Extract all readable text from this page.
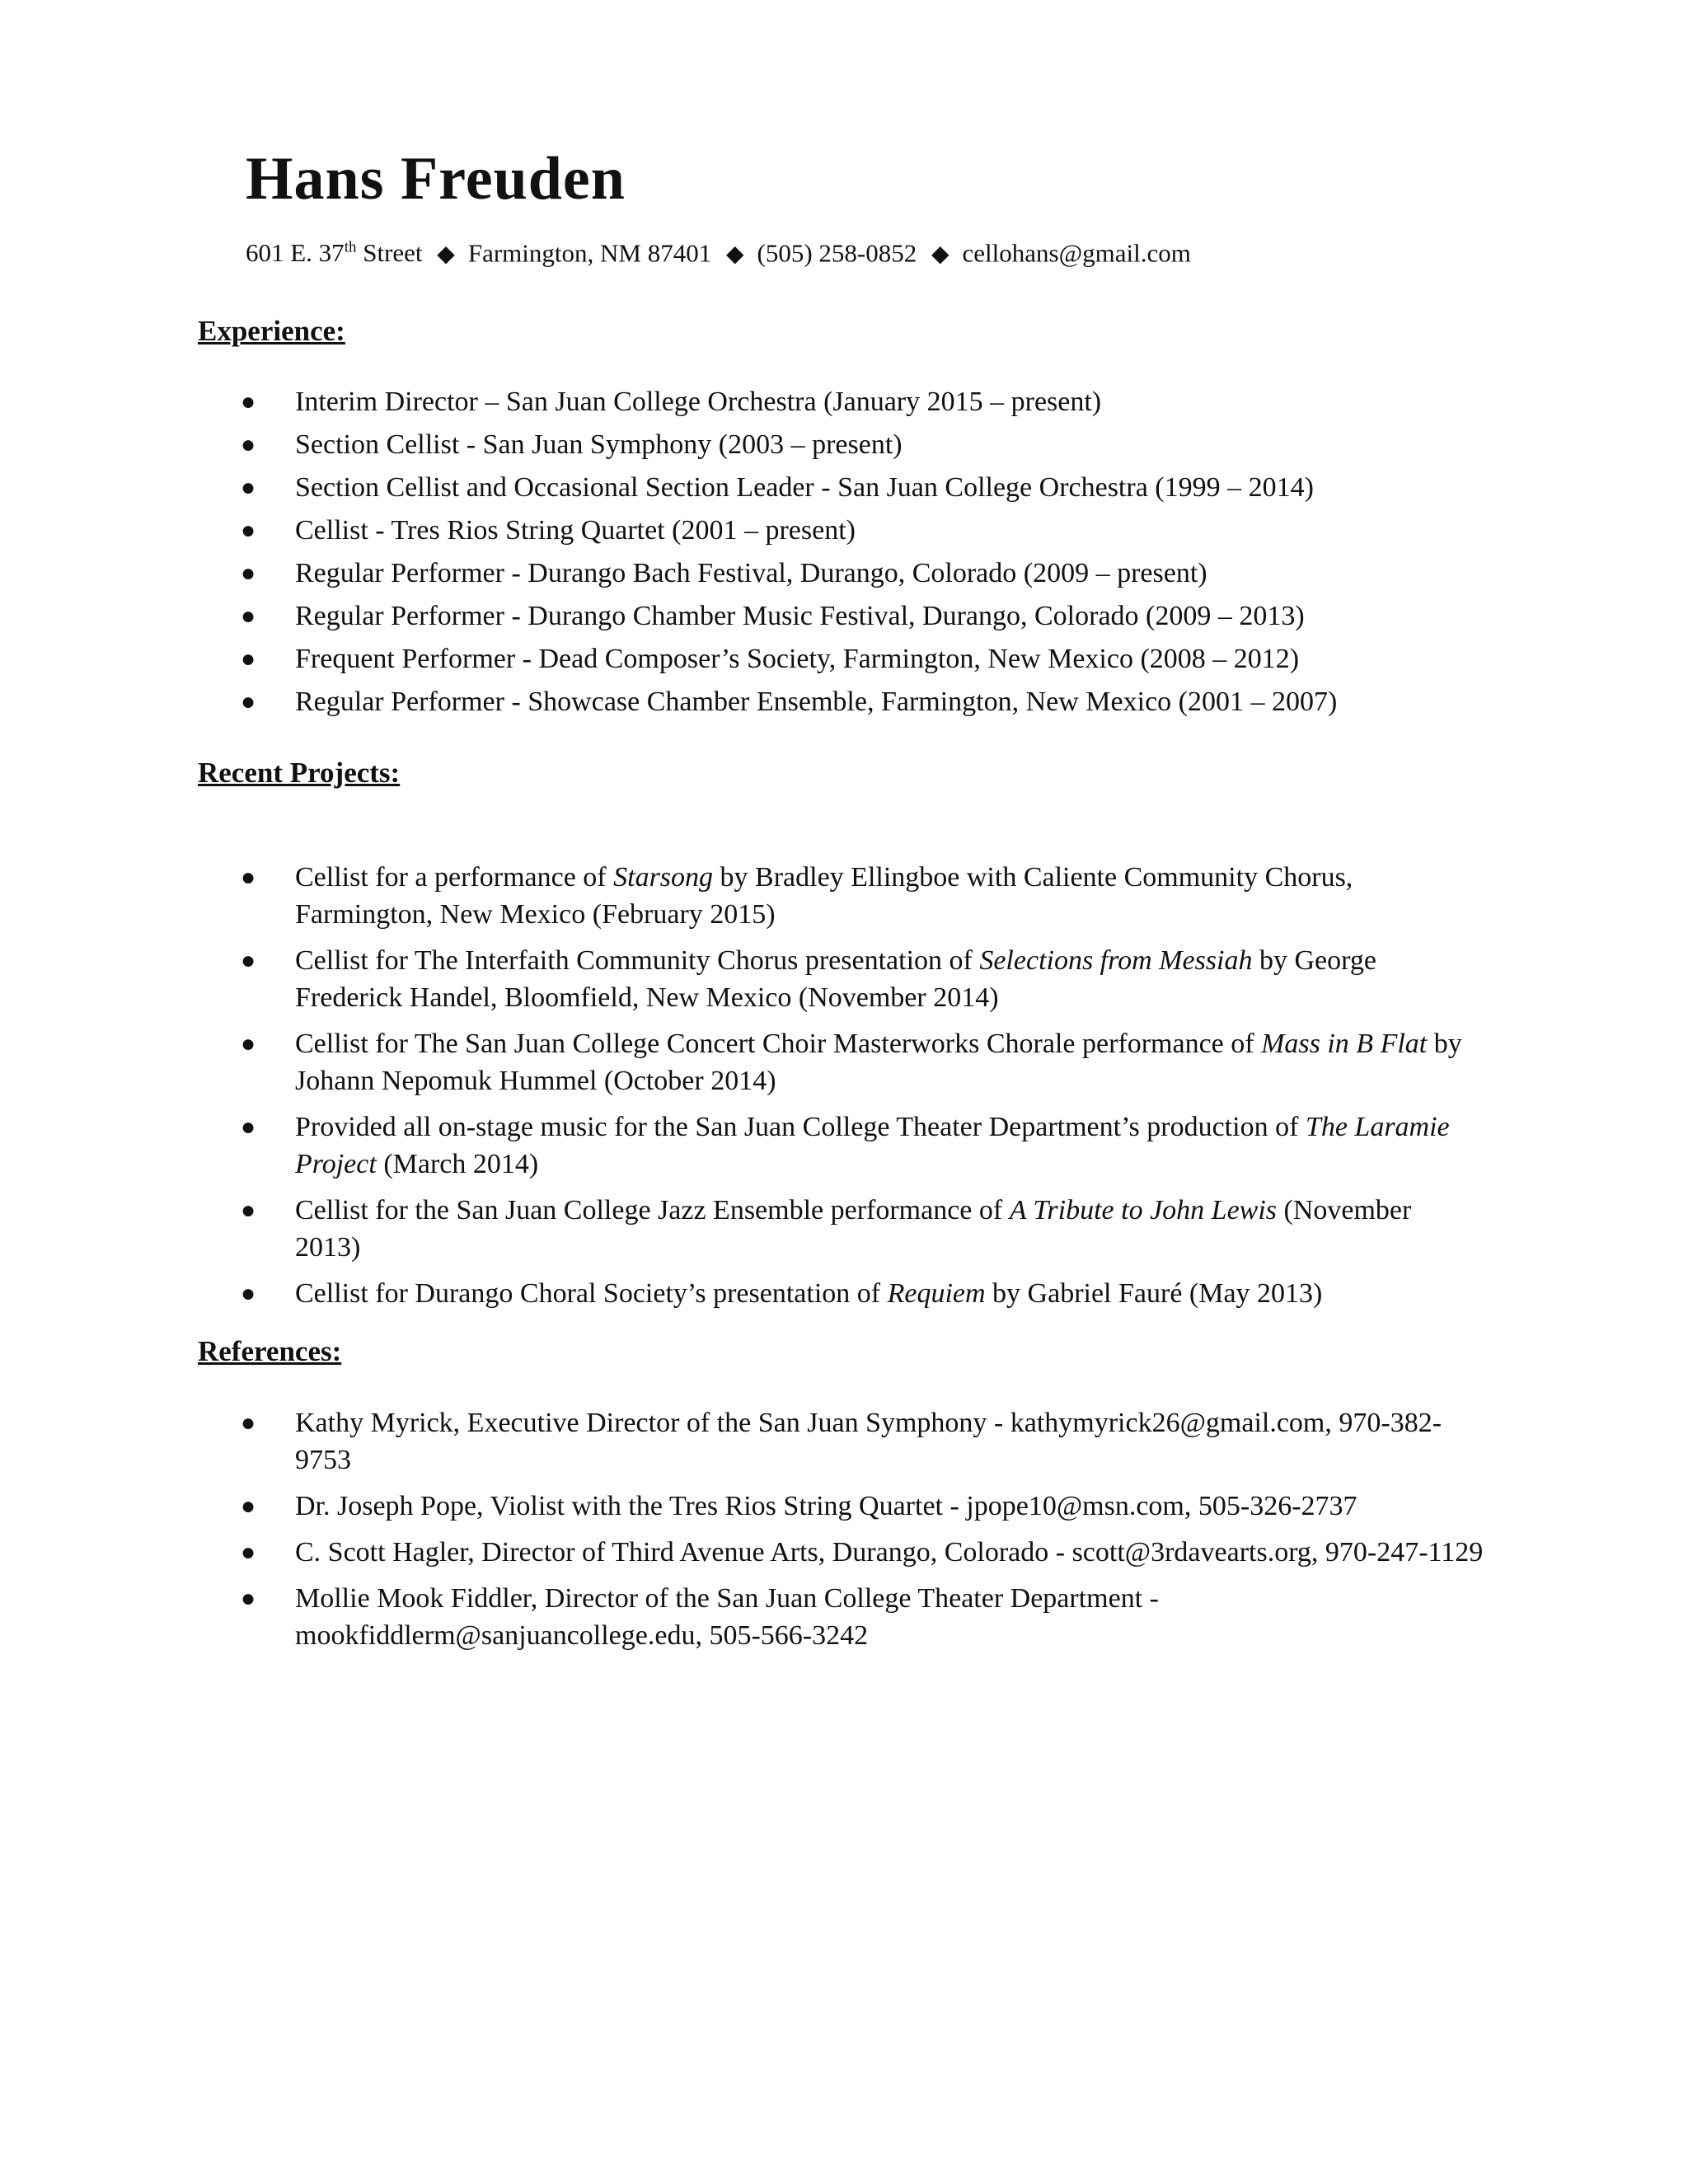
Hans Freuden
601 E. 37th Street ◆ Farmington, NM 87401 ◆ (505) 258-0852 ◆ cellohans@gmail.com
Experience:
● Interim Director – San Juan College Orchestra (January 2015 – present)
● Section Cellist - San Juan Symphony (2003 – present)
● Section Cellist and Occasional Section Leader - San Juan College Orchestra (1999 – 2014)
● Cellist - Tres Rios String Quartet (2001 – present)
● Regular Performer - Durango Bach Festival, Durango, Colorado (2009 – present)
● Regular Performer - Durango Chamber Music Festival, Durango, Colorado (2009 – 2013)
● Frequent Performer - Dead Composer’s Society, Farmington, New Mexico (2008 – 2012)
● Regular Performer - Showcase Chamber Ensemble, Farmington, New Mexico (2001 – 2007)
Recent Projects:
● Cellist for a performance of Starsong by Bradley Ellingboe with Caliente Community Chorus, Farmington, New Mexico (February 2015)
● Cellist for The Interfaith Community Chorus presentation of Selections from Messiah by George Frederick Handel, Bloomfield, New Mexico (November 2014)
● Cellist for The San Juan College Concert Choir Masterworks Chorale performance of Mass in B Flat by Johann Nepomuk Hummel (October 2014)
● Provided all on-stage music for the San Juan College Theater Department’s production of The Laramie Project (March 2014)
● Cellist for the San Juan College Jazz Ensemble performance of A Tribute to John Lewis (November 2013)
● Cellist for Durango Choral Society’s presentation of Requiem by Gabriel Fauré (May 2013)
References:
● Kathy Myrick, Executive Director of the San Juan Symphony - kathymyrick26@gmail.com, 970-382-9753
● Dr. Joseph Pope, Violist with the Tres Rios String Quartet - jpope10@msn.com, 505-326-2737
● C. Scott Hagler, Director of Third Avenue Arts, Durango, Colorado - scott@3rdavearts.org, 970-247-1129
● Mollie Mook Fiddler, Director of the San Juan College Theater Department - mookfiddlerm@sanjuancollege.edu, 505-566-3242
